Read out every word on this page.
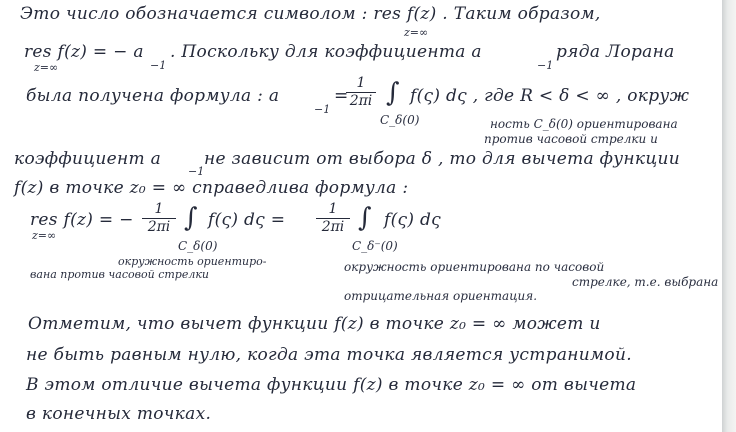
Это число обозначается символом : res f(z) . Таким образом,
z=∞
res f(z) = − a
z=∞	−1
. Поскольку для коэффициента a
−1
ряда Лорана
была получена формула : a
−1
=
1
2πi ∫
C_δ(0)
f(ς) dς , где R < δ < ∞ , окруж
ность C_δ(0) ориентирована
против часовой стрелки и
коэффициент a
−1
не зависит от выбора δ , то для вычета функции
f(z) в точке z₀ = ∞ справедлива формула :
res f(z) = −
z=∞
1
2πi ∫
C_δ(0)
f(ς) dς =
1
2πi ∫
C_δ⁻(0)
f(ς) dς
окружность ориентиро-
вана против часовой стрелки
окружность ориентирована по часовой
стрелке, т.е. выбрана
отрицательная ориентация.
Отметим, что вычет функции f(z) в точке z₀ = ∞ может и
не быть равным нулю, когда эта точка является устранимой.
В этом отличие вычета функции f(z) в точке z₀ = ∞ от вычета
в конечных точках.
